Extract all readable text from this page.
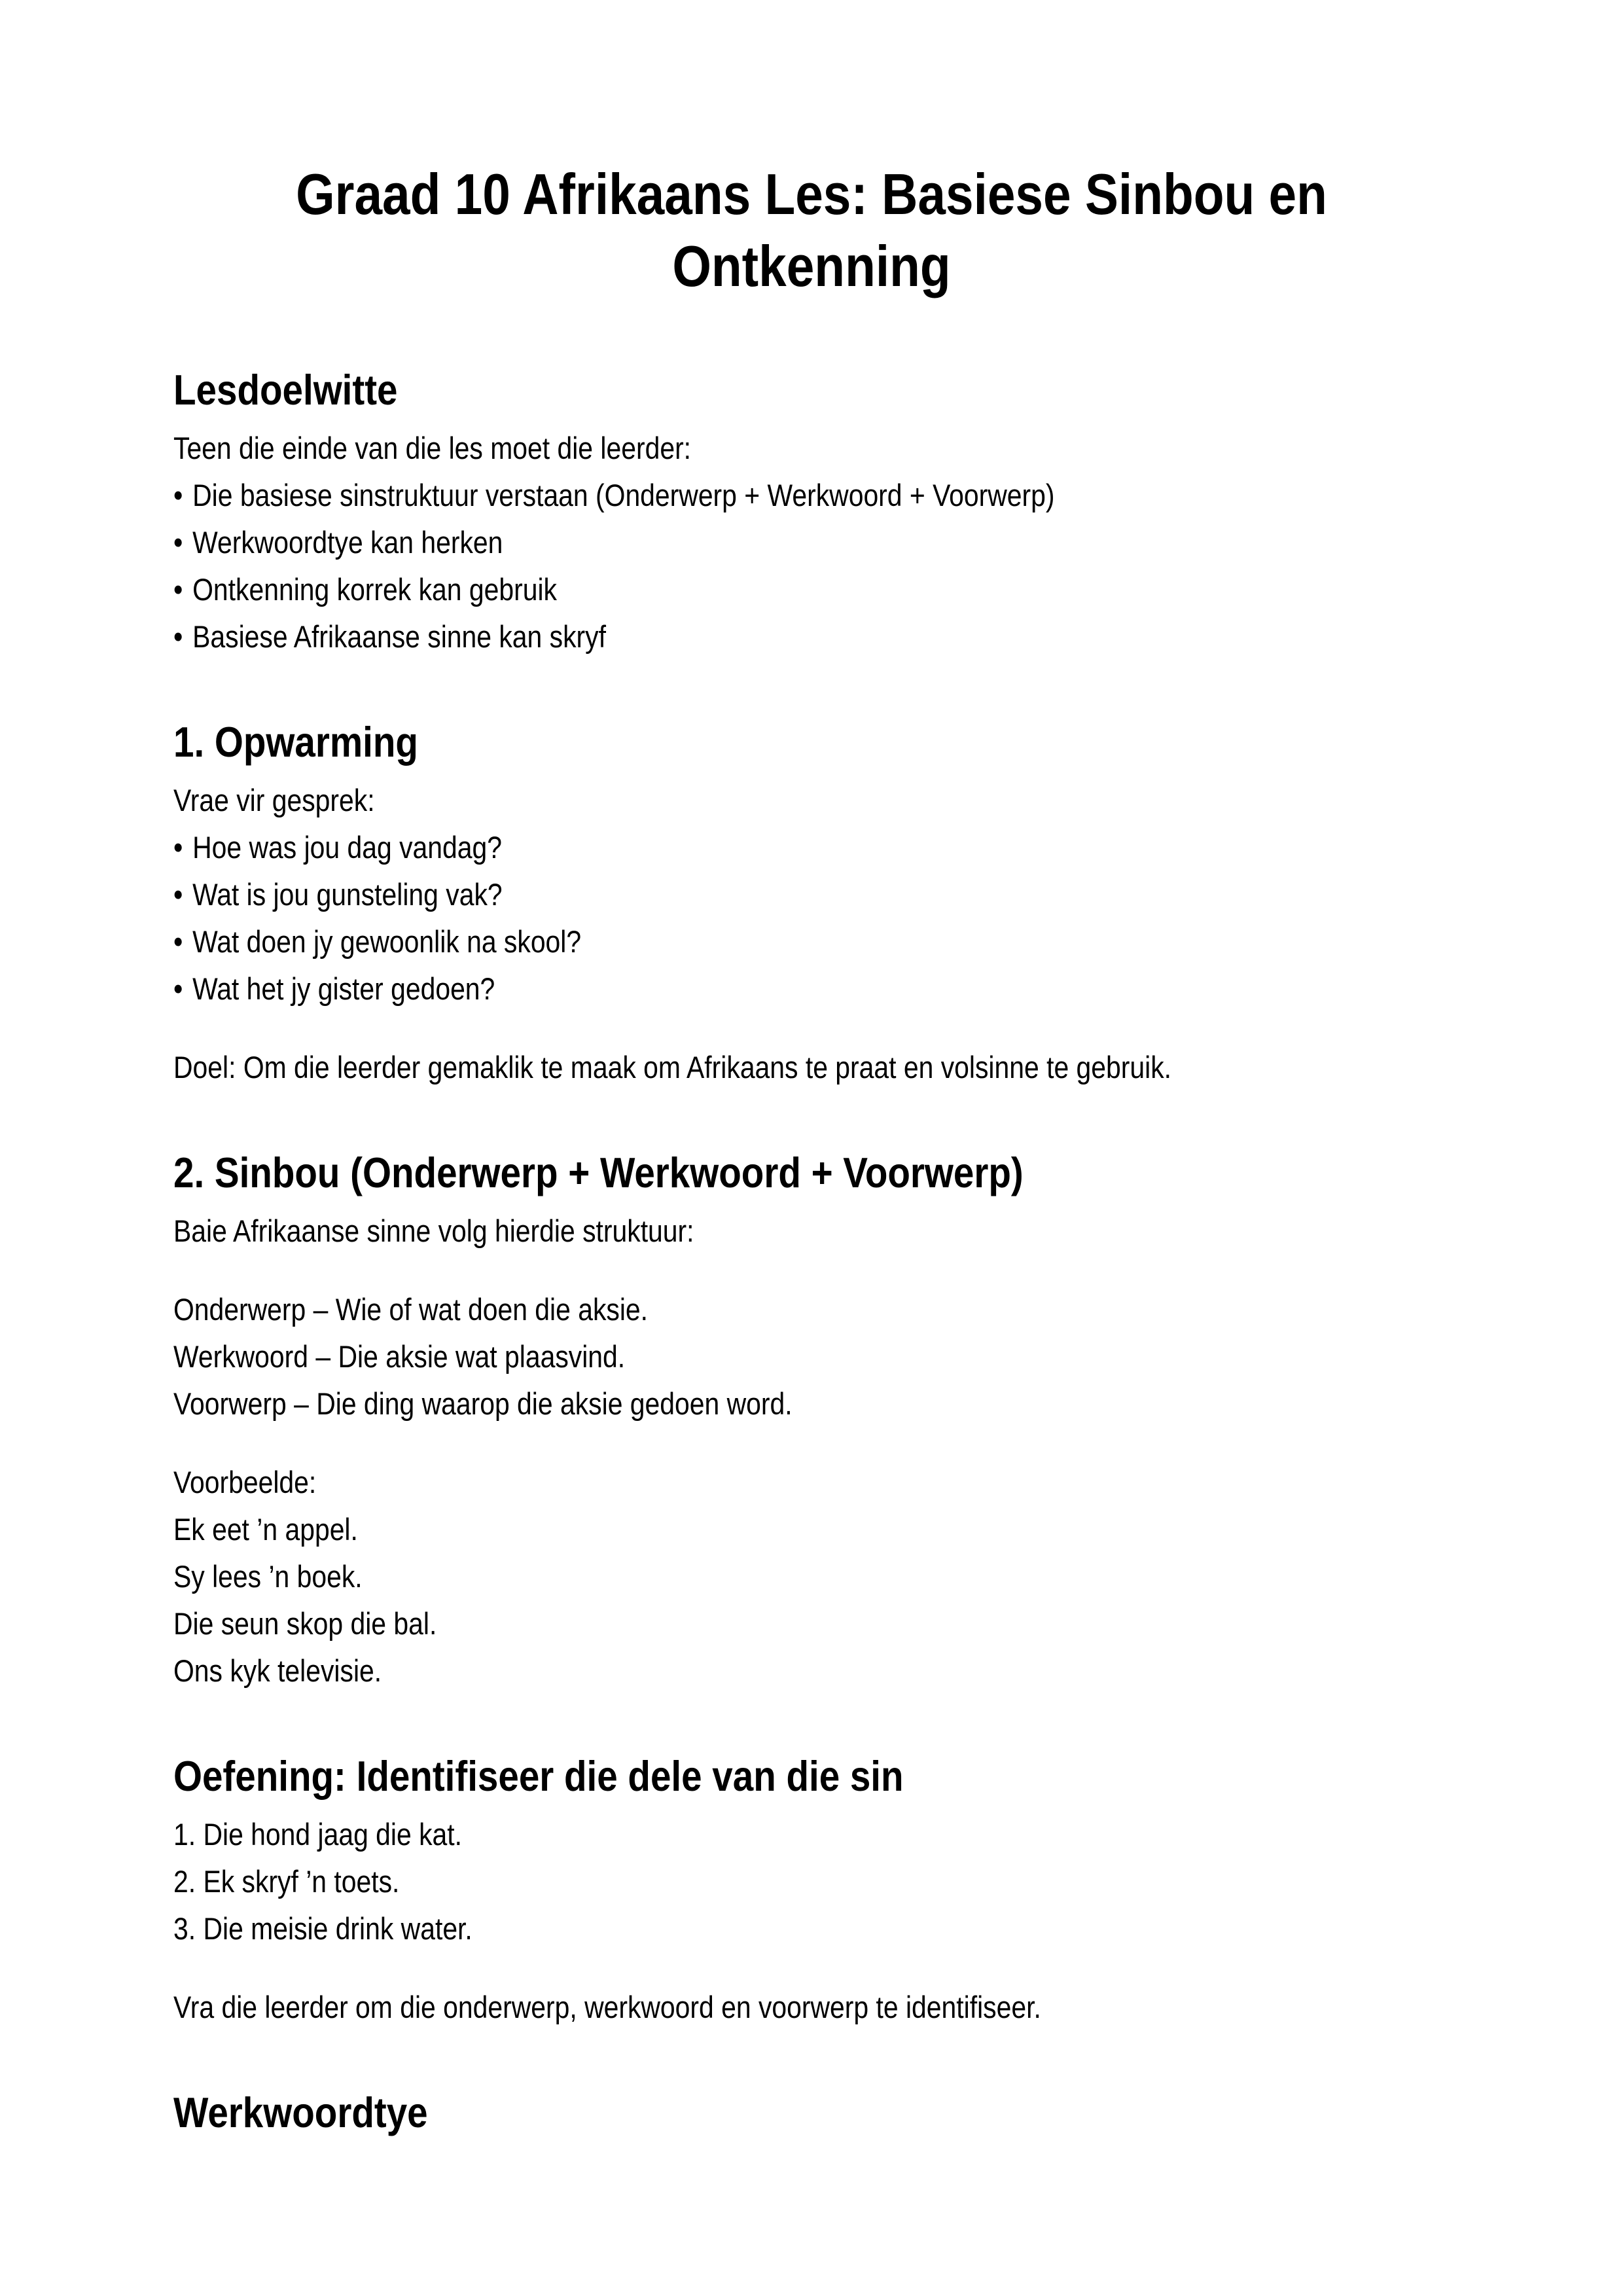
Graad 10 Afrikaans Les: Basiese Sinbou en
Ontkenning
Lesdoelwitte

Teen die einde van die les moet die leerder:

• Die basiese sinstruktuur verstaan (Onderwerp + Werkwoord + Voorwerp)

• Werkwoordtye kan herken

• Ontkenning korrek kan gebruik

• Basiese Afrikaanse sinne kan skryf

1. Opwarming

Vrae vir gesprek:

• Hoe was jou dag vandag?

• Wat is jou gunsteling vak?

• Wat doen jy gewoonlik na skool?

• Wat het jy gister gedoen?

Doel: Om die leerder gemaklik te maak om Afrikaans te praat en volsinne te gebruik.

2. Sinbou (Onderwerp + Werkwoord + Voorwerp)

Baie Afrikaanse sinne volg hierdie struktuur:

Onderwerp – Wie of wat doen die aksie.

Werkwoord – Die aksie wat plaasvind.

Voorwerp – Die ding waarop die aksie gedoen word.

Voorbeelde:

Ek eet ’n appel.

Sy lees ’n boek.

Die seun skop die bal.

Ons kyk televisie.

Oefening: Identifiseer die dele van die sin

1. Die hond jaag die kat.

2. Ek skryf ’n toets.

3. Die meisie drink water.

Vra die leerder om die onderwerp, werkwoord en voorwerp te identifiseer.

Werkwoordtye
